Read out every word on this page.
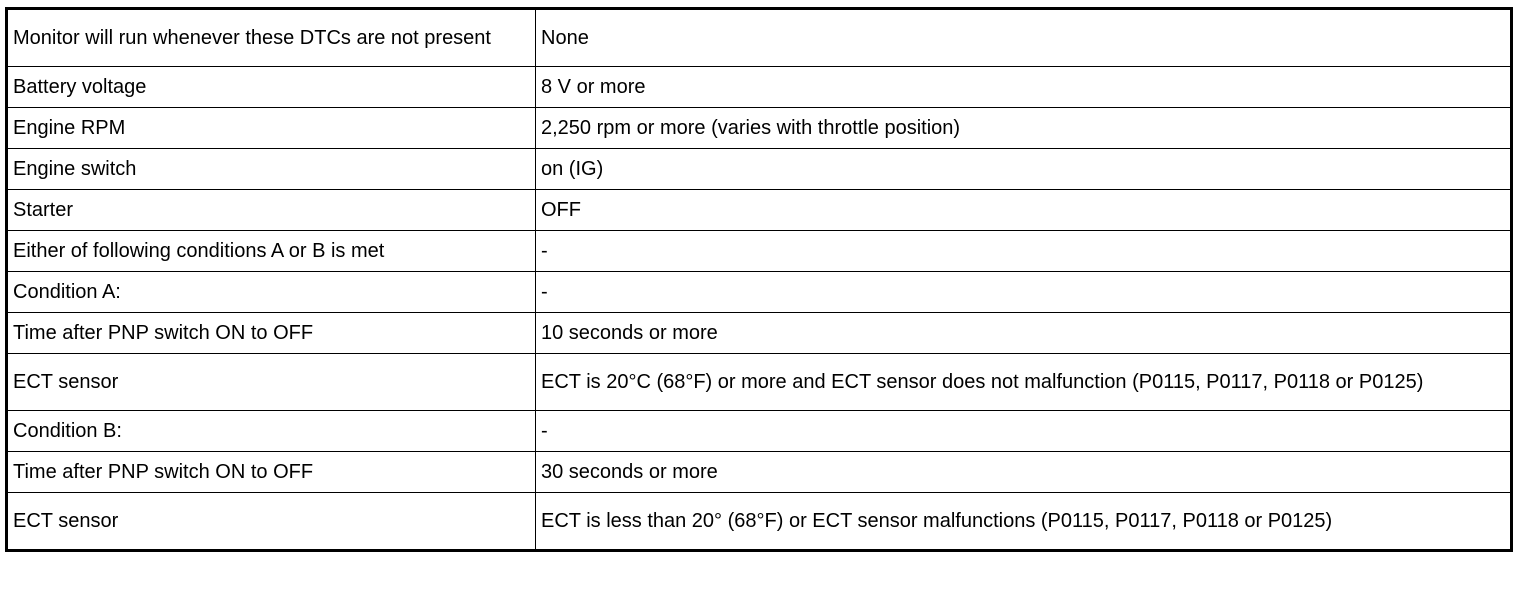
Monitor will run whenever these DTCs are not present	None
Battery voltage	8 V or more
Engine RPM	2,250 rpm or more (varies with throttle position)
Engine switch	on (IG)
Starter	OFF
Either of following conditions A or B is met	-
Condition A:	-
Time after PNP switch ON to OFF	10 seconds or more
ECT sensor	ECT is 20°C (68°F) or more and ECT sensor does not malfunction (P0115, P0117, P0118 or P0125)
Condition B:	-
Time after PNP switch ON to OFF	30 seconds or more
ECT sensor	ECT is less than 20° (68°F) or ECT sensor malfunctions (P0115, P0117, P0118 or P0125)
